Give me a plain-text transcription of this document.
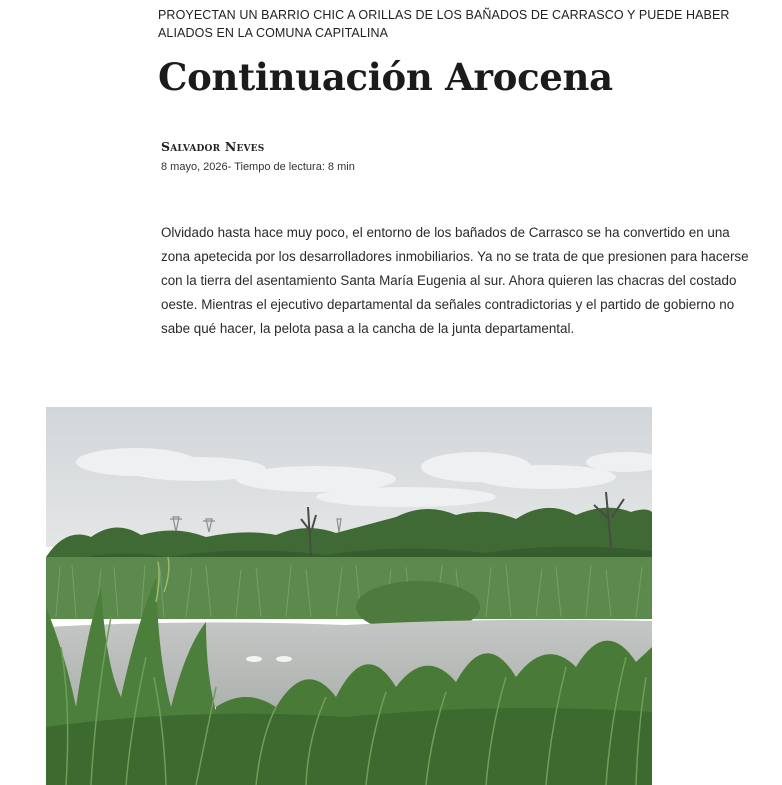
PROYECTAN UN BARRIO CHIC A ORILLAS DE LOS BAÑADOS DE CARRASCO Y PUEDE HABER ALIADOS EN LA COMUNA CAPITALINA
Continuación Arocena
Salvador Neves
8 mayo, 2026- Tiempo de lectura: 8 min

Olvidado hasta hace muy poco, el entorno de los bañados de Carrasco se ha convertido en una zona apetecida por los desarrolladores inmobiliarios. Ya no se trata de que presionen para hacerse con la tierra del asentamiento Santa María Eugenia al sur. Ahora quieren las chacras del costado oeste. Mientras el ejecutivo departamental da señales contradictorias y el partido de gobierno no sabe qué hacer, la pelota pasa a la cancha de la junta departamental.
